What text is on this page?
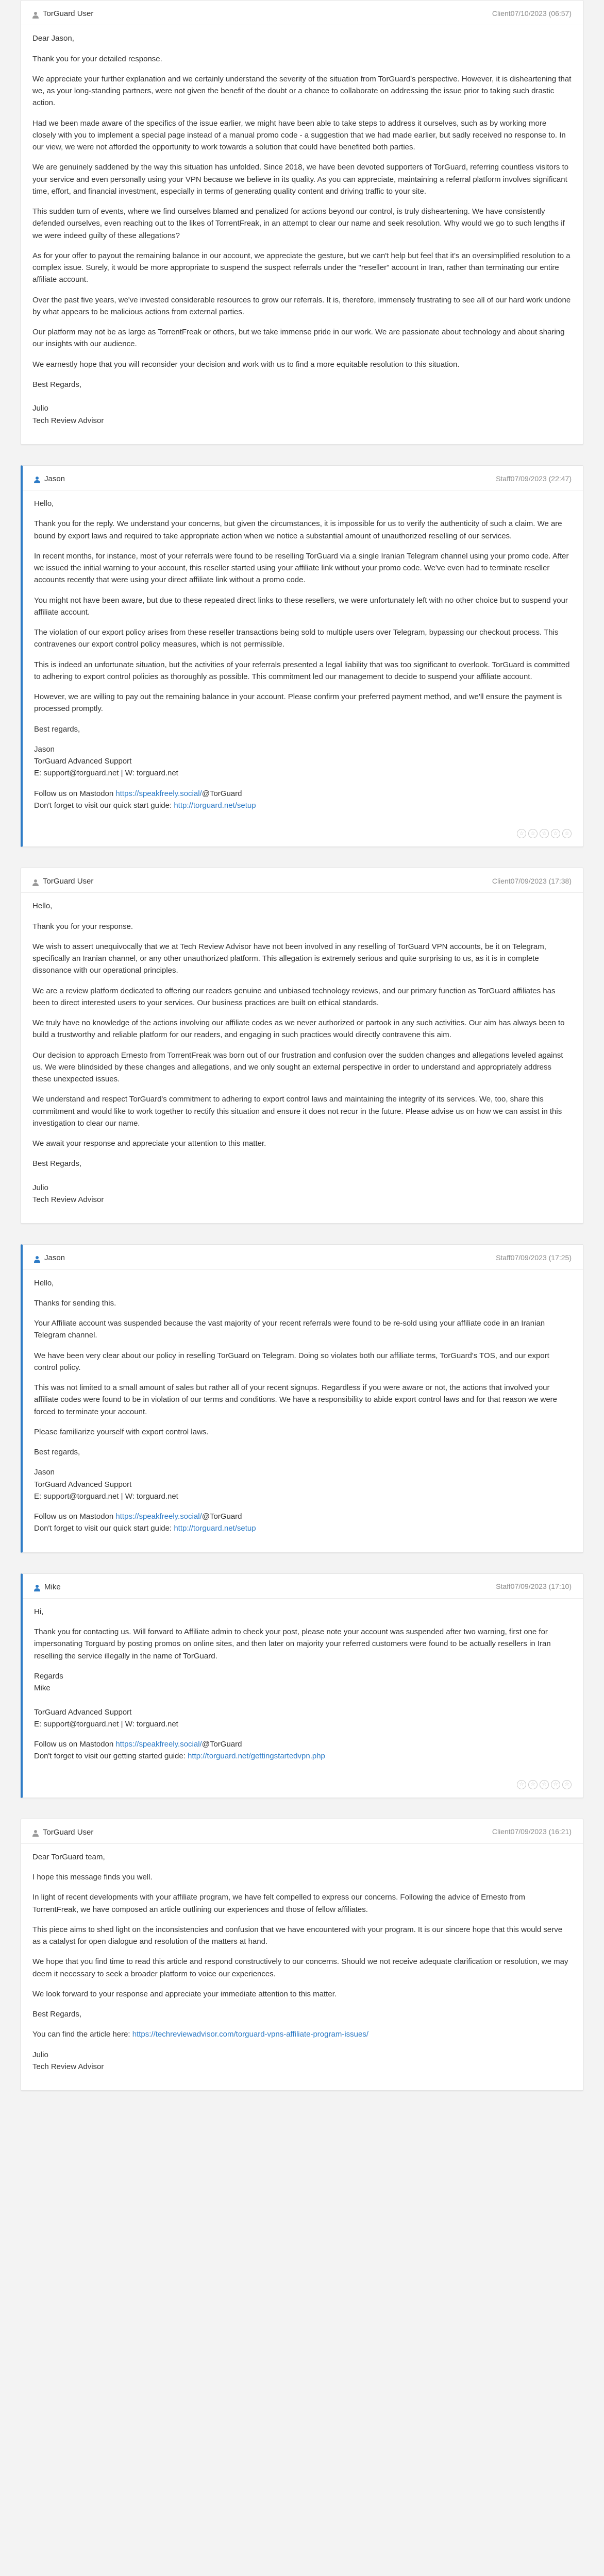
TorGuard User	Client07/10/2023 (06:57)

Dear Jason,

Thank you for your detailed response.

We appreciate your further explanation and we certainly understand the severity of the situation from TorGuard's perspective. However, it is disheartening that we, as your long-standing partners, were not given the benefit of the doubt or a chance to collaborate on addressing the issue prior to taking such drastic action.

Had we been made aware of the specifics of the issue earlier, we might have been able to take steps to address it ourselves, such as by working more closely with you to implement a special page instead of a manual promo code - a suggestion that we had made earlier, but sadly received no response to. In our view, we were not afforded the opportunity to work towards a solution that could have benefited both parties.

We are genuinely saddened by the way this situation has unfolded. Since 2018, we have been devoted supporters of TorGuard, referring countless visitors to your service and even personally using your VPN because we believe in its quality. As you can appreciate, maintaining a referral platform involves significant time, effort, and financial investment, especially in terms of generating quality content and driving traffic to your site.

This sudden turn of events, where we find ourselves blamed and penalized for actions beyond our control, is truly disheartening. We have consistently defended ourselves, even reaching out to the likes of TorrentFreak, in an attempt to clear our name and seek resolution. Why would we go to such lengths if we were indeed guilty of these allegations?

As for your offer to payout the remaining balance in our account, we appreciate the gesture, but we can't help but feel that it's an oversimplified resolution to a complex issue. Surely, it would be more appropriate to suspend the suspect referrals under the "reseller" account in Iran, rather than terminating our entire affiliate account.

Over the past five years, we've invested considerable resources to grow our referrals. It is, therefore, immensely frustrating to see all of our hard work undone by what appears to be malicious actions from external parties.

Our platform may not be as large as TorrentFreak or others, but we take immense pride in our work. We are passionate about technology and about sharing our insights with our audience.

We earnestly hope that you will reconsider your decision and work with us to find a more equitable resolution to this situation.

Best Regards,

Julio
Tech Review Advisor
Jason	Staff07/09/2023 (22:47)

Hello,

Thank you for the reply. We understand your concerns, but given the circumstances, it is impossible for us to verify the authenticity of such a claim. We are bound by export laws and required to take appropriate action when we notice a substantial amount of unauthorized reselling of our services.

In recent months, for instance, most of your referrals were found to be reselling TorGuard via a single Iranian Telegram channel using your promo code. After we issued the initial warning to your account, this reseller started using your affiliate link without your promo code. We've even had to terminate reseller accounts recently that were using your direct affiliate link without a promo code.

You might not have been aware, but due to these repeated direct links to these resellers, we were unfortunately left with no other choice but to suspend your affiliate account.

The violation of our export policy arises from these reseller transactions being sold to multiple users over Telegram, bypassing our checkout process. This contravenes our export control policy measures, which is not permissible.

This is indeed an unfortunate situation, but the activities of your referrals presented a legal liability that was too significant to overlook. TorGuard is committed to adhering to export control policies as thoroughly as possible. This commitment led our management to decide to suspend your affiliate account.

However, we are willing to pay out the remaining balance in your account. Please confirm your preferred payment method, and we'll ensure the payment is processed promptly.

Best regards,

Jason
TorGuard Advanced Support
E: support@torguard.net | W: torguard.net
Follow us on Mastodon https://speakfreely.social/@TorGuard
Don't forget to visit our quick start guide: http://torguard.net/setup
☆	☆	☆	☆	☆
TorGuard User	Client07/09/2023 (17:38)

Hello,

Thank you for your response.

We wish to assert unequivocally that we at Tech Review Advisor have not been involved in any reselling of TorGuard VPN accounts, be it on Telegram, specifically an Iranian channel, or any other unauthorized platform. This allegation is extremely serious and quite surprising to us, as it is in complete dissonance with our operational principles.

We are a review platform dedicated to offering our readers genuine and unbiased technology reviews, and our primary function as TorGuard affiliates has been to direct interested users to your services. Our business practices are built on ethical standards.

We truly have no knowledge of the actions involving our affiliate codes as we never authorized or partook in any such activities. Our aim has always been to build a trustworthy and reliable platform for our readers, and engaging in such practices would directly contravene this aim.

Our decision to approach Ernesto from TorrentFreak was born out of our frustration and confusion over the sudden changes and allegations leveled against us. We were blindsided by these changes and allegations, and we only sought an external perspective in order to understand and appropriately address these unexpected issues.

We understand and respect TorGuard's commitment to adhering to export control laws and maintaining the integrity of its services. We, too, share this commitment and would like to work together to rectify this situation and ensure it does not recur in the future. Please advise us on how we can assist in this investigation to clear our name.

We await your response and appreciate your attention to this matter.

Best Regards,

Julio
Tech Review Advisor
Jason	Staff07/09/2023 (17:25)

Hello,

Thanks for sending this.

Your Affiliate account was suspended because the vast majority of your recent referrals were found to be re-sold using your affiliate code in an Iranian Telegram channel.

We have been very clear about our policy in reselling TorGuard on Telegram. Doing so violates both our affiliate terms, TorGuard's TOS, and our export control policy.

This was not limited to a small amount of sales but rather all of your recent signups. Regardless if you were aware or not, the actions that involved your affiliate codes were found to be in violation of our terms and conditions. We have a responsibility to abide export control laws and for that reason we were forced to terminate your account.

Please familiarize yourself with export control laws.

Best regards,

Jason
TorGuard Advanced Support
E: support@torguard.net | W: torguard.net
Follow us on Mastodon https://speakfreely.social/@TorGuard
Don't forget to visit our quick start guide: http://torguard.net/setup
Mike	Staff07/09/2023 (17:10)

Hi,

Thank you for contacting us. Will forward to Affiliate admin to check your post, please note your account was suspended after two warning, first one for impersonating Torguard by posting promos on online sites, and then later on majority your referred customers were found to be actually resellers in Iran reselling the service illegally in the name of TorGuard.

Regards
Mike

TorGuard Advanced Support
E: support@torguard.net | W: torguard.net
Follow us on Mastodon https://speakfreely.social/@TorGuard
Don't forget to visit our getting started guide: http://torguard.net/gettingstartedvpn.php
☆	☆	☆	☆	☆
TorGuard User	Client07/09/2023 (16:21)

Dear TorGuard team,

I hope this message finds you well.

In light of recent developments with your affiliate program, we have felt compelled to express our concerns. Following the advice of Ernesto from TorrentFreak, we have composed an article outlining our experiences and those of fellow affiliates.

This piece aims to shed light on the inconsistencies and confusion that we have encountered with your program. It is our sincere hope that this would serve as a catalyst for open dialogue and resolution of the matters at hand.

We hope that you find time to read this article and respond constructively to our concerns. Should we not receive adequate clarification or resolution, we may deem it necessary to seek a broader platform to voice our experiences.

We look forward to your response and appreciate your immediate attention to this matter.

Best Regards,

You can find the article here: https://techreviewadvisor.com/torguard-vpns-affiliate-program-issues/

Julio
Tech Review Advisor
